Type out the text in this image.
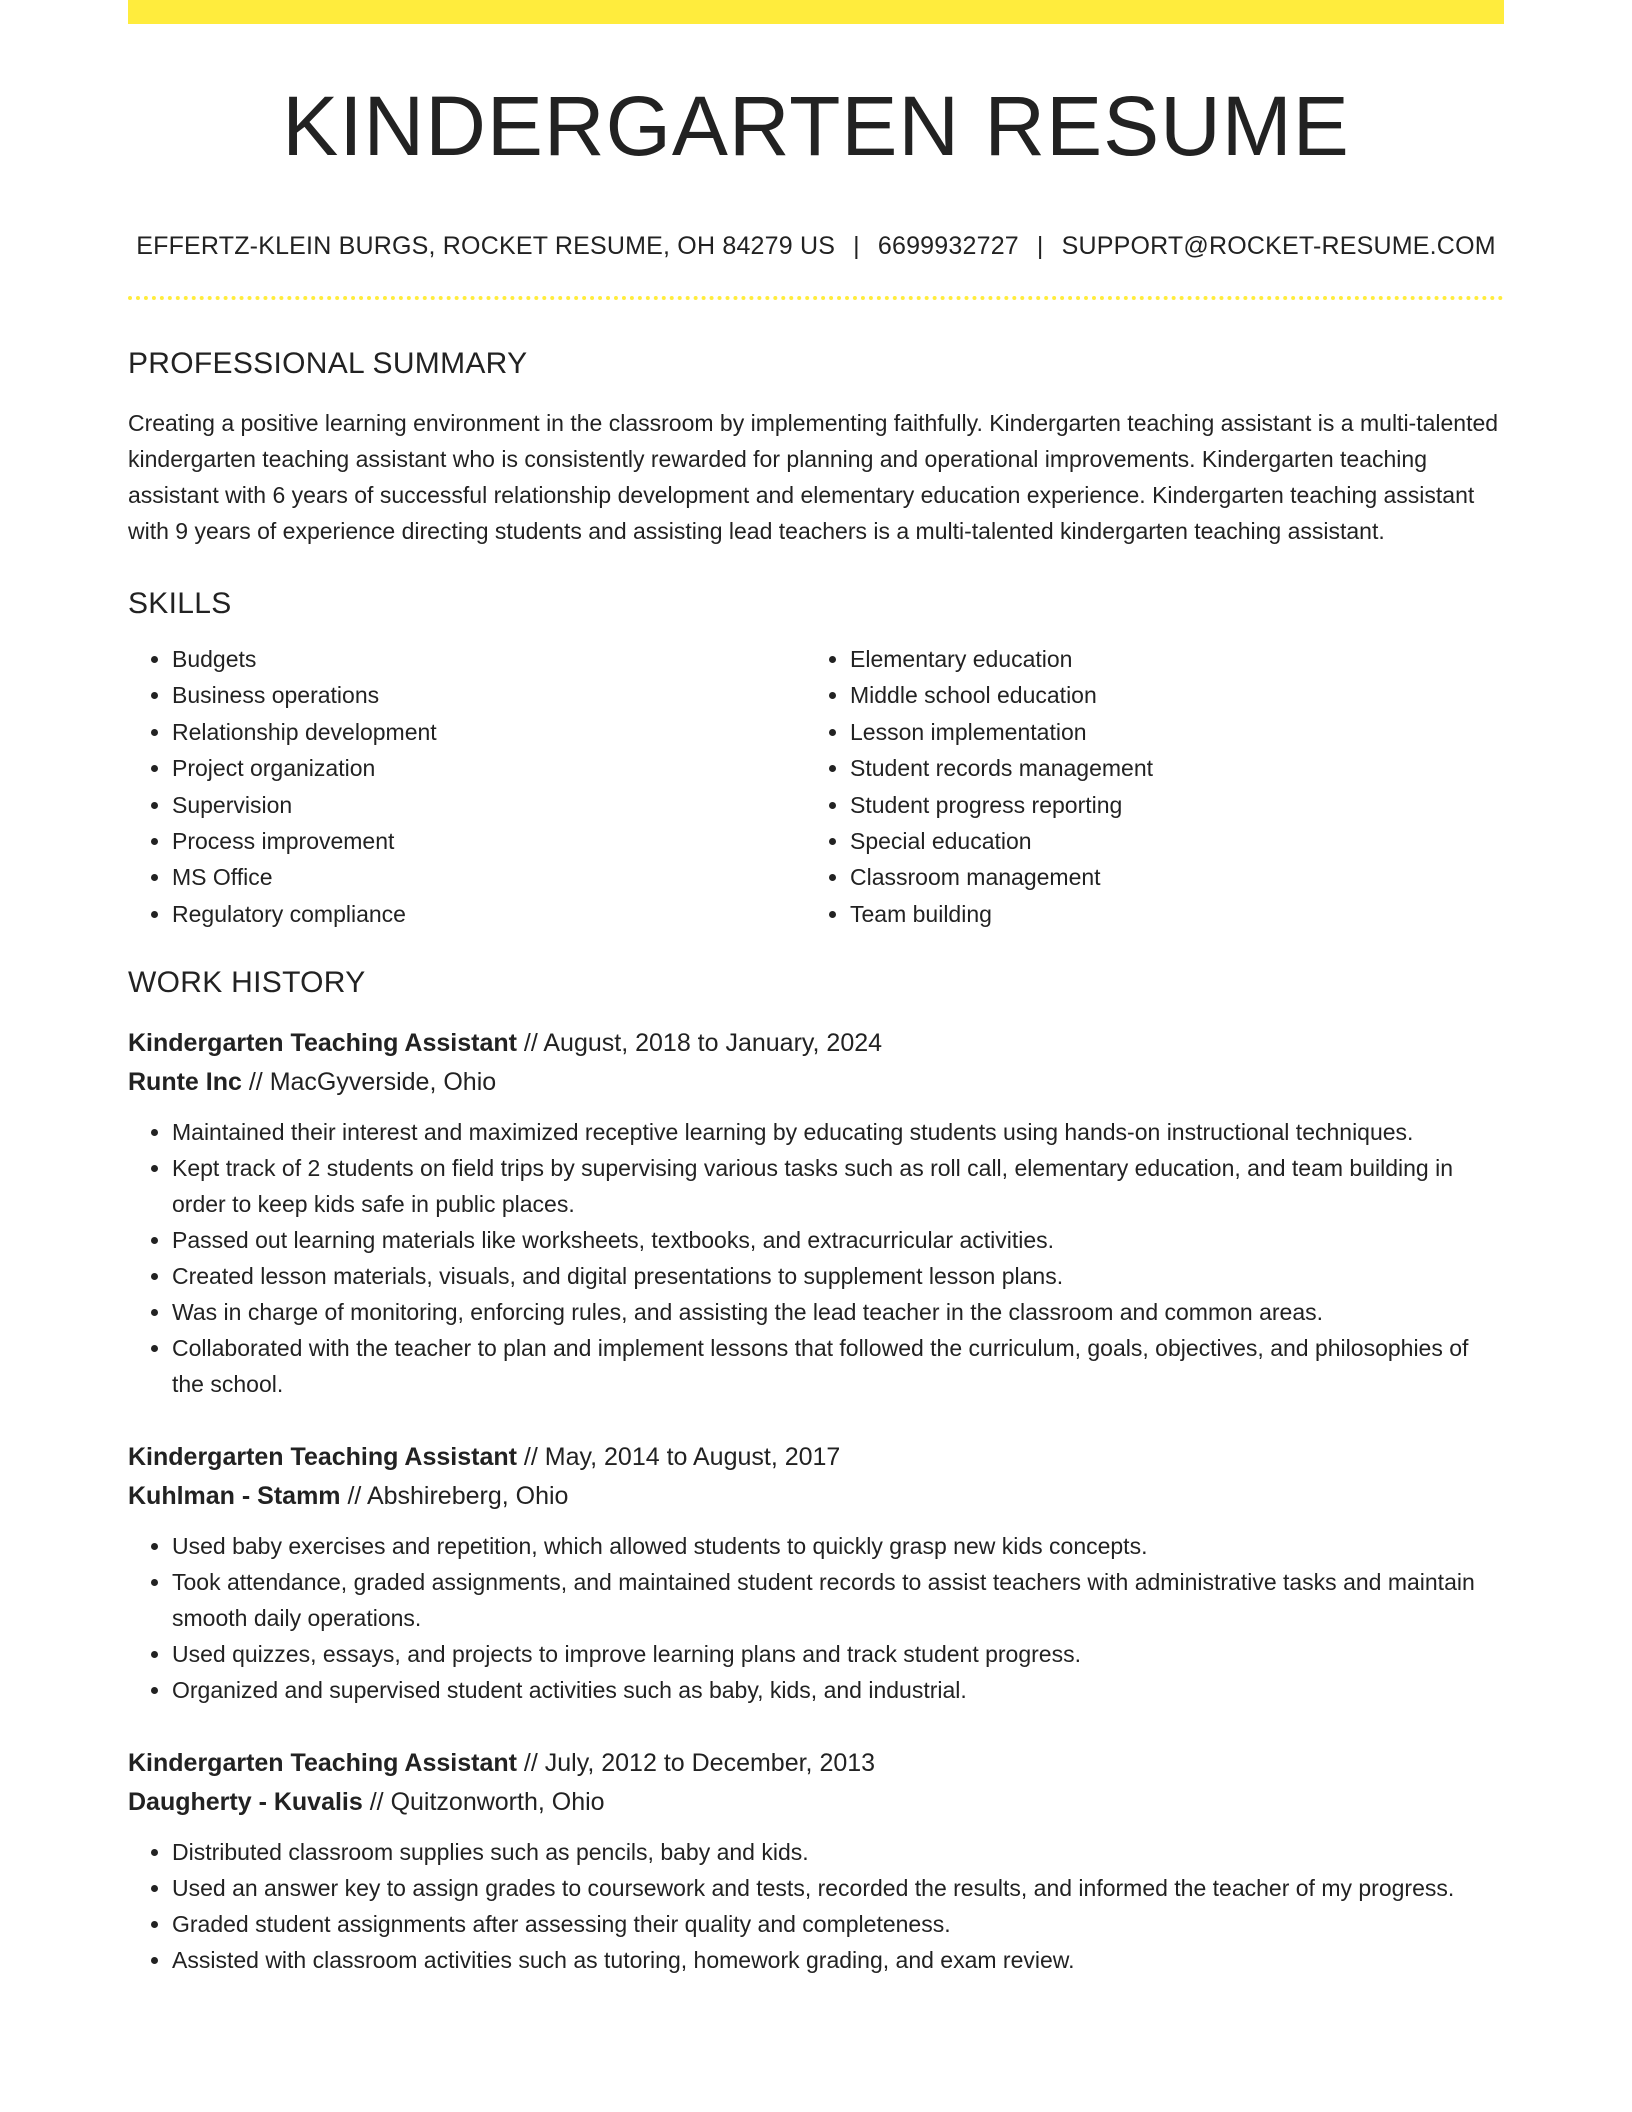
KINDERGARTEN RESUME
EFFERTZ-KLEIN BURGS, ROCKET RESUME, OH 84279 US | 6699932727 | SUPPORT@ROCKET-RESUME.COM
PROFESSIONAL SUMMARY

Creating a positive learning environment in the classroom by implementing faithfully. Kindergarten teaching assistant is a multi-talented kindergarten teaching assistant who is consistently rewarded for planning and operational improvements. Kindergarten teaching assistant with 6 years of successful relationship development and elementary education experience. Kindergarten teaching assistant with 9 years of experience directing students and assisting lead teachers is a multi-talented kindergarten teaching assistant.

SKILLS
• Budgets
• Business operations
• Relationship development
• Project organization
• Supervision
• Process improvement
• MS Office
• Regulatory compliance
• Elementary education
• Middle school education
• Lesson implementation
• Student records management
• Student progress reporting
• Special education
• Classroom management
• Team building
WORK HISTORY
Kindergarten Teaching Assistant // August, 2018 to January, 2024
Runte Inc // MacGyverside, Ohio
• Maintained their interest and maximized receptive learning by educating students using hands-on instructional techniques.
• Kept track of 2 students on field trips by supervising various tasks such as roll call, elementary education, and team building in order to keep kids safe in public places.
• Passed out learning materials like worksheets, textbooks, and extracurricular activities.
• Created lesson materials, visuals, and digital presentations to supplement lesson plans.
• Was in charge of monitoring, enforcing rules, and assisting the lead teacher in the classroom and common areas.
• Collaborated with the teacher to plan and implement lessons that followed the curriculum, goals, objectives, and philosophies of the school.
Kindergarten Teaching Assistant // May, 2014 to August, 2017
Kuhlman - Stamm // Abshireberg, Ohio
• Used baby exercises and repetition, which allowed students to quickly grasp new kids concepts.
• Took attendance, graded assignments, and maintained student records to assist teachers with administrative tasks and maintain smooth daily operations.
• Used quizzes, essays, and projects to improve learning plans and track student progress.
• Organized and supervised student activities such as baby, kids, and industrial.
Kindergarten Teaching Assistant // July, 2012 to December, 2013
Daugherty - Kuvalis // Quitzonworth, Ohio
• Distributed classroom supplies such as pencils, baby and kids.
• Used an answer key to assign grades to coursework and tests, recorded the results, and informed the teacher of my progress.
• Graded student assignments after assessing their quality and completeness.
• Assisted with classroom activities such as tutoring, homework grading, and exam review.
